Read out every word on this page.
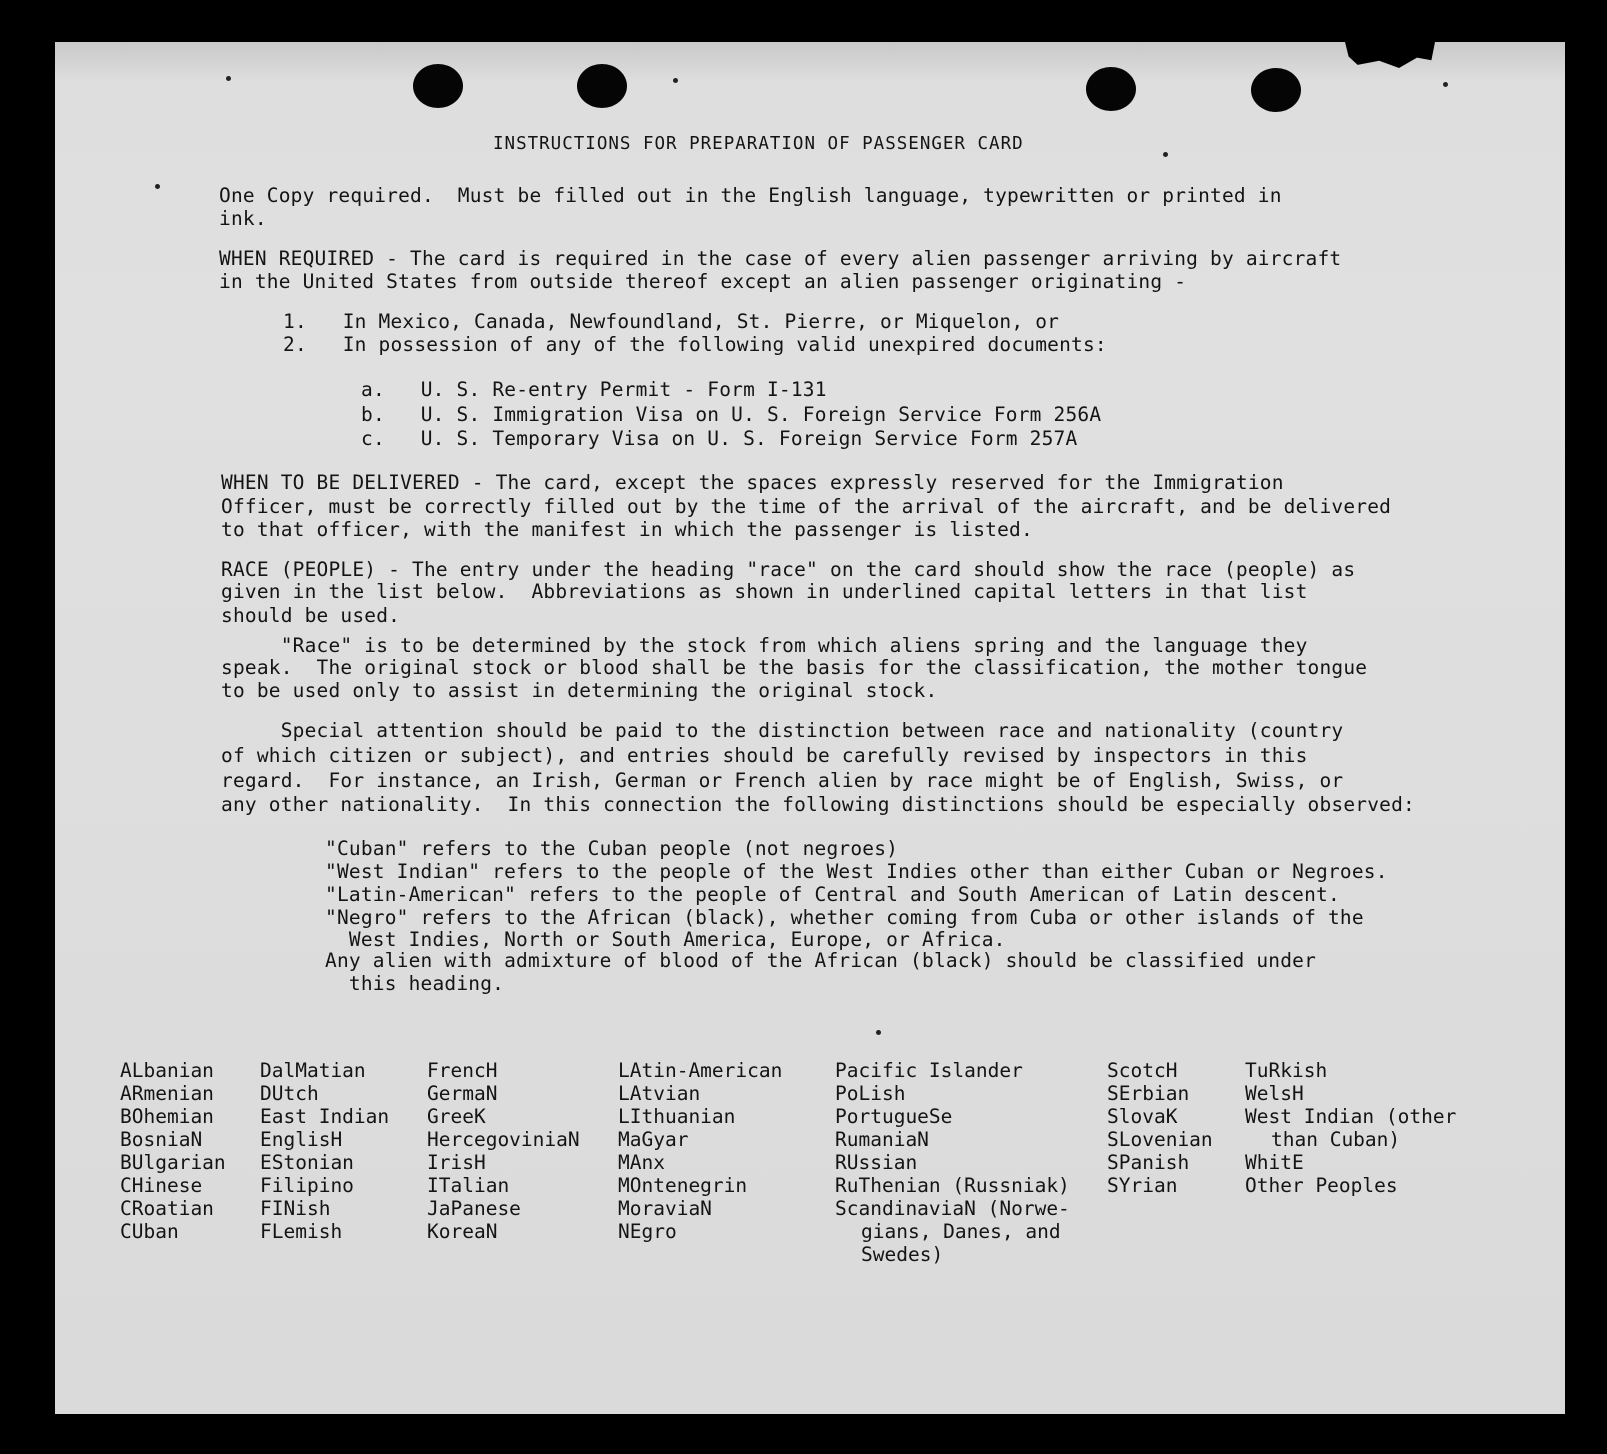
INSTRUCTIONS FOR PREPARATION OF PASSENGER CARD
One Copy required.  Must be filled out in the English language, typewritten or printed in
ink.
WHEN REQUIRED - The card is required in the case of every alien passenger arriving by aircraft
in the United States from outside thereof except an alien passenger originating -
1.   In Mexico, Canada, Newfoundland, St. Pierre, or Miquelon, or
2.   In possession of any of the following valid unexpired documents:
a.   U. S. Re-entry Permit - Form I-131
b.   U. S. Immigration Visa on U. S. Foreign Service Form 256A
c.   U. S. Temporary Visa on U. S. Foreign Service Form 257A
WHEN TO BE DELIVERED - The card, except the spaces expressly reserved for the Immigration
Officer, must be correctly filled out by the time of the arrival of the aircraft, and be delivered
to that officer, with the manifest in which the passenger is listed.
RACE (PEOPLE) - The entry under the heading "race" on the card should show the race (people) as
given in the list below.  Abbreviations as shown in underlined capital letters in that list
should be used.
"Race" is to be determined by the stock from which aliens spring and the language they
speak.  The original stock or blood shall be the basis for the classification, the mother tongue
to be used only to assist in determining the original stock.
Special attention should be paid to the distinction between race and nationality (country
of which citizen or subject), and entries should be carefully revised by inspectors in this
regard.  For instance, an Irish, German or French alien by race might be of English, Swiss, or
any other nationality.  In this connection the following distinctions should be especially observed:
"Cuban" refers to the Cuban people (not negroes)
"West Indian" refers to the people of the West Indies other than either Cuban or Negroes.
"Latin-American" refers to the people of Central and South American of Latin descent.
"Negro" refers to the African (black), whether coming from Cuba or other islands of the
West Indies, North or South America, Europe, or Africa.
Any alien with admixture of blood of the African (black) should be classified under
this heading.
ALbanian
ARmenian
BOhemian
BosniaN
BUlgarian
CHinese
CRoatian
CUban
DalMatian
DUtch
East Indian
EnglisH
EStonian
Filipino
FINish
FLemish
FrencH
GermaN
GreeK
HercegoviniaN
IrisH
ITalian
JaPanese
KoreaN
LAtin-American
LAtvian
LIthuanian
MaGyar
MAnx
MOntenegrin
MoraviaN
NEgro
Pacific Islander
PoLish
PortugueSe
RumaniaN
RUssian
RuThenian (Russniak)
ScandinaviaN (Norwe-
gians, Danes, and
Swedes)
ScotcH
SErbian
SlovaK
SLovenian
SPanish
SYrian
TuRkish
WelsH
West Indian (other
than Cuban)
WhitE
Other Peoples
